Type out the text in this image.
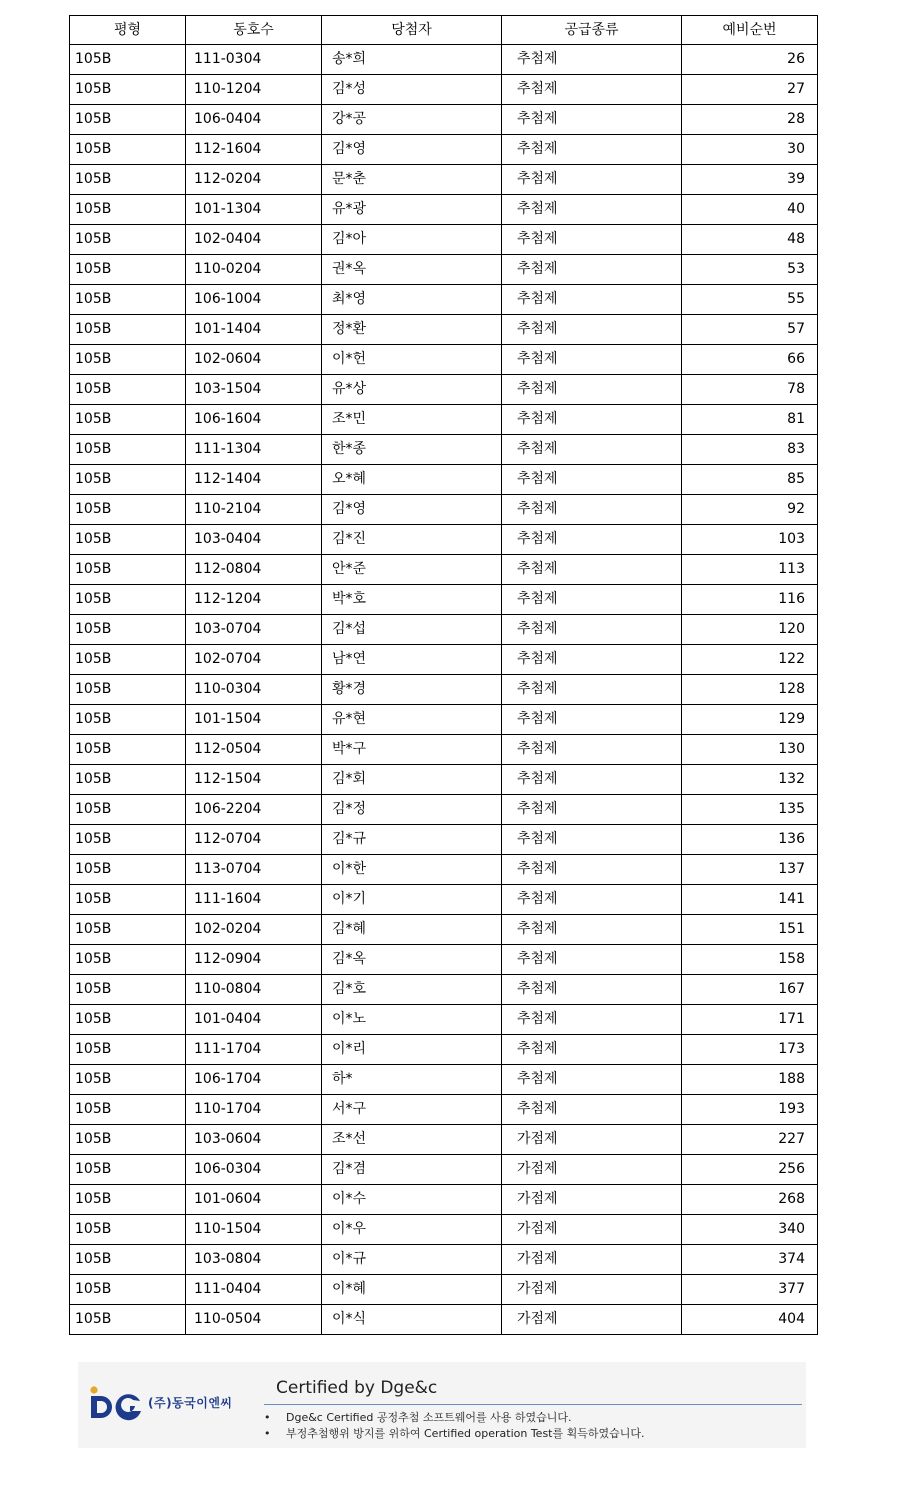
평형	동호수	당첨자	공급종류	예비순번
105B	111-0304	송*희	추첨제	26
105B	110-1204	김*성	추첨제	27
105B	106-0404	강*공	추첨제	28
105B	112-1604	김*영	추첨제	30
105B	112-0204	문*춘	추첨제	39
105B	101-1304	유*광	추첨제	40
105B	102-0404	김*아	추첨제	48
105B	110-0204	권*옥	추첨제	53
105B	106-1004	최*영	추첨제	55
105B	101-1404	정*환	추첨제	57
105B	102-0604	이*헌	추첨제	66
105B	103-1504	유*상	추첨제	78
105B	106-1604	조*민	추첨제	81
105B	111-1304	한*종	추첨제	83
105B	112-1404	오*혜	추첨제	85
105B	110-2104	김*영	추첨제	92
105B	103-0404	김*진	추첨제	103
105B	112-0804	안*준	추첨제	113
105B	112-1204	박*호	추첨제	116
105B	103-0704	김*섭	추첨제	120
105B	102-0704	남*연	추첨제	122
105B	110-0304	황*경	추첨제	128
105B	101-1504	유*현	추첨제	129
105B	112-0504	박*구	추첨제	130
105B	112-1504	김*회	추첨제	132
105B	106-2204	김*정	추첨제	135
105B	112-0704	김*규	추첨제	136
105B	113-0704	이*한	추첨제	137
105B	111-1604	이*기	추첨제	141
105B	102-0204	김*혜	추첨제	151
105B	112-0904	김*옥	추첨제	158
105B	110-0804	김*호	추첨제	167
105B	101-0404	이*노	추첨제	171
105B	111-1704	이*리	추첨제	173
105B	106-1704	하*	추첨제	188
105B	110-1704	서*구	추첨제	193
105B	103-0604	조*선	가점제	227
105B	106-0304	김*겸	가점제	256
105B	101-0604	이*수	가점제	268
105B	110-1504	이*우	가점제	340
105B	103-0804	이*규	가점제	374
105B	111-0404	이*혜	가점제	377
105B	110-0504	이*식	가점제	404
(주)동국이엔씨
Certified by Dge&c
• Dge&c Certified 공정추첨 소프트웨어를 사용 하였습니다.
• 부정추첨행위 방지를 위하여 Certified operation Test를 획득하였습니다.
